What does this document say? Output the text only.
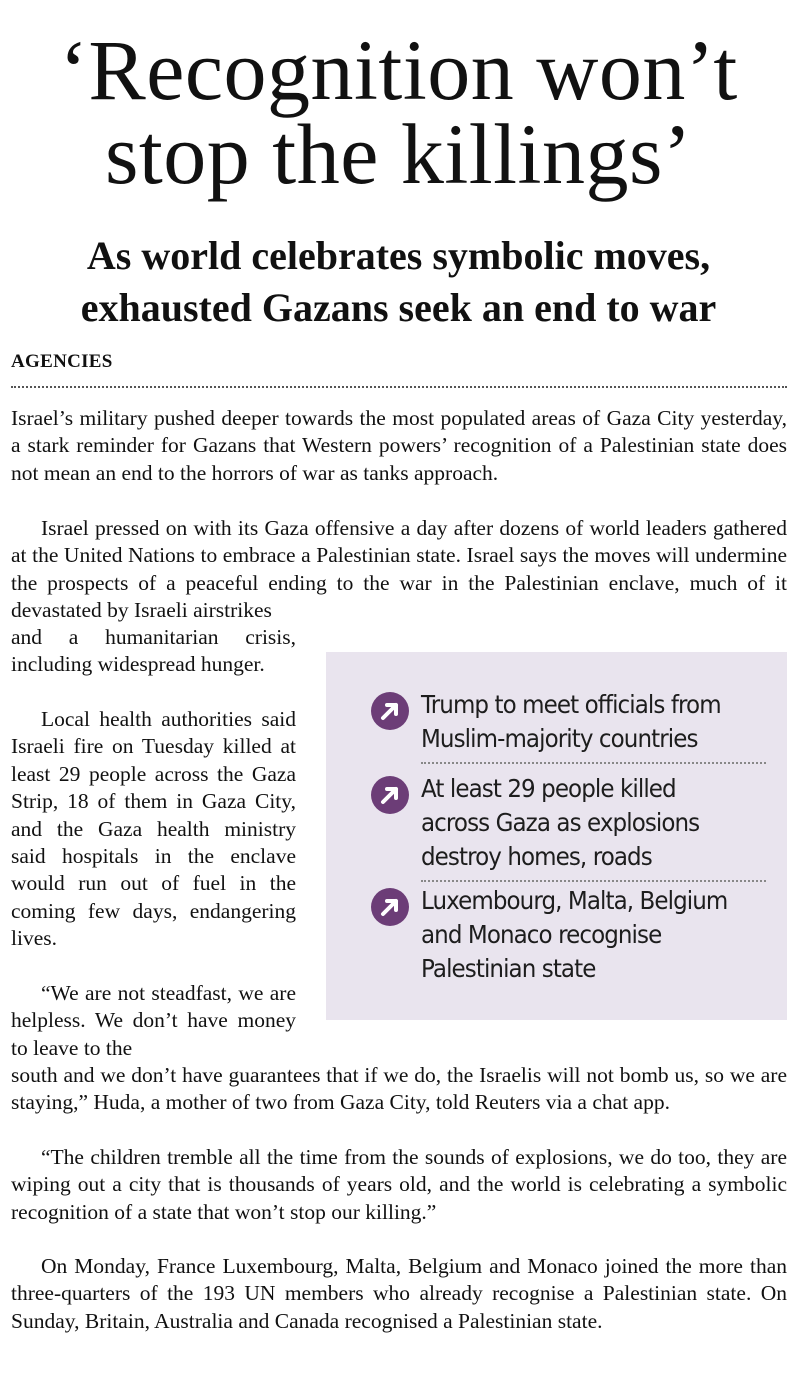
‘Recognition won’t stop the killings’
As world celebrates symbolic moves, exhausted Gazans seek an end to war
AGENCIES

Israel’s military pushed deeper towards the most populated areas of Gaza City yesterday, a stark reminder for Gazans that Western powers’ recognition of a Palestinian state does not mean an end to the horrors of war as tanks approach.

Israel pressed on with its Gaza offensive a day after dozens of world leaders gathered at the United Nations to embrace a Palestinian state. Israel says the moves will undermine the prospects of a peaceful ending to the war in the Palestinian enclave, much of it devastated by Israeli airstrikes

and a humanitarian crisis, including widespread hunger.

Local health authorities said Israeli fire on Tuesday killed at least 29 people across the Gaza Strip, 18 of them in Gaza City, and the Gaza health ministry said hospitals in the enclave would run out of fuel in the coming few days, endangering lives.

“We are not steadfast, we are helpless. We don’t have money to leave to the

south and we don’t have guarantees that if we do, the Israelis will not bomb us, so we are staying,” Huda, a mother of two from Gaza City, told Reuters via a chat app.

“The children tremble all the time from the sounds of explosions, we do too, they are wiping out a city that is thousands of years old, and the world is celebrating a symbolic recognition of a state that won’t stop our killing.”

On Monday, France Luxembourg, Malta, Belgium and Monaco joined the more than three-quarters of the 193 UN members who already recognise a Palestinian state. On Sunday, Britain, Australia and Canada recognised a Palestinian state.

Trump to meet officials from Muslim-majority countries
At least 29 people killed across Gaza as explosions destroy homes, roads
Luxembourg, Malta, Belgium and Monaco recognise Palestinian state
